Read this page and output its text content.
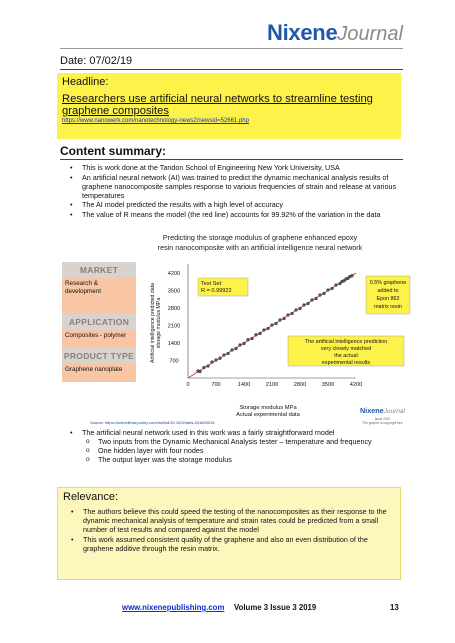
NixeneJournal
Date: 07/02/19
Headline:
Researchers use artificial neural networks to streamline testing graphene composites
https://www.nanowerk.com/nanotechnology-news2/newsid=52661.php
Content summary:
• This is work done at the Tandon School of Engineering New York University, USA
• An artificial neural network (AI) was trained to predict the dynamic mechanical analysis results of graphene nanocomposite samples response to various frequencies of strain and release at various temperatures
• The AI model predicted the results with a high level of accuracy
• The value of R means the model (the red line) accounts for 99.92% of the variation in the data
Predicting the storage modulus of graphene enhanced epoxy
resin nanocomposite with an artificial intelligence neural network
MARKET
Research & development
APPLICATION
Composites - polymer
PRODUCT TYPE
Graphene nanoplate
0	700	1400	2100	2800	3500	4200
700
1400
2100
2800
3500
4200
Artificial intelligence predicted data storage modulus MPa
Test Set
R = 0.99922
0.5% graphene
added to
Epon 862
matrix resin
The artificial intelligence prediction
very closely matched
the actual
experimental results
Storage modulus MPa
Actual experimental data	NixeneJournal
Issue 2019
The graphic is copyright free
Source: https://onlinelibrary.wiley.com/doi/full/10.1002/adts.201800015
• The artificial neural network used in this work was a fairly straightforward model
o Two inputs from the Dynamic Mechanical Analysis tester – temperature and frequency
o One hidden layer with four nodes
o The output layer was the storage modulus
Relevance:
• The authors believe this could speed the testing of the nanocomposites as their response to the dynamic mechanical analysis of temperature and strain rates could be predicted from a small number of test results and compared against the model
• This work assumed consistent quality of the graphene and also an even distribution of the graphene additive through the resin matrix.
www.nixenepublishing.com Volume 3 Issue 3 2019	13
